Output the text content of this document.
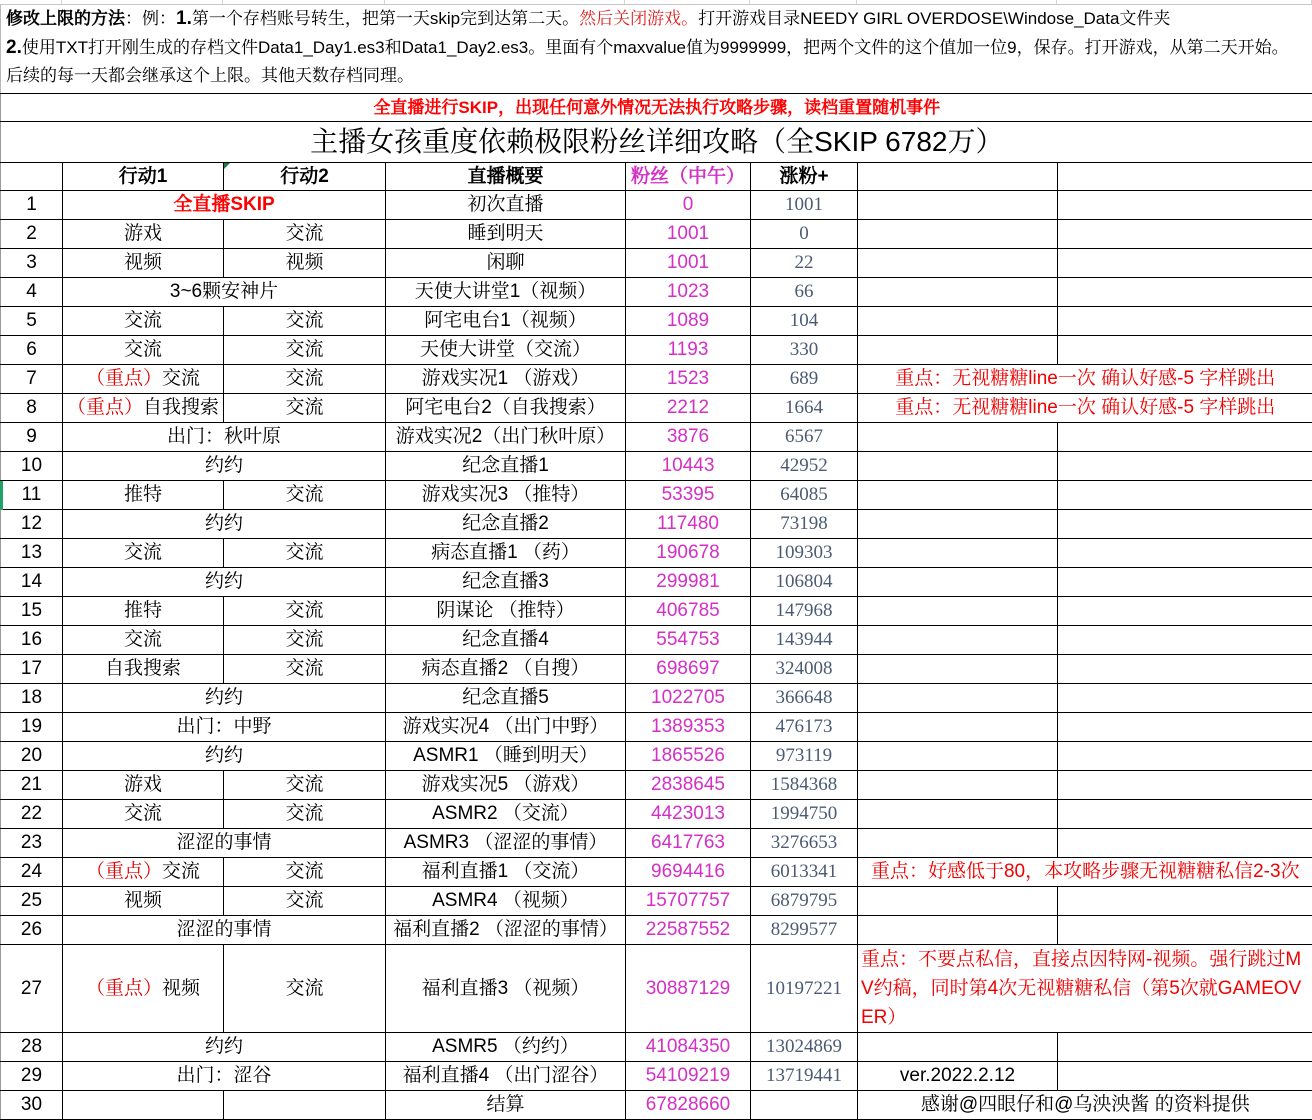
修改上限的方法：例：1.第一个存档账号转生，把第一天skip完到达第二天。然后关闭游戏。打开游戏目录NEEDY GIRL OVERDOSE\Windose_Data文件夹
2.使用TXT打开刚生成的存档文件Data1_Day1.es3和Data1_Day2.es3。里面有个maxvalue值为9999999，把两个文件的这个值加一位9，保存。打开游戏，从第二天开始。
后续的每一天都会继承这个上限。其他天数存档同理。
全直播进行SKIP，出现任何意外情况无法执行攻略步骤，读档重置随机事件							
主播女孩重度依赖极限粉丝详细攻略（全SKIP 6782万）							
	行动1	行动2	直播概要	粉丝（中午）	涨粉+		
1	全直播SKIP		初次直播	0	1001		
2	游戏	交流	睡到明天	1001	0		
3	视频	视频	闲聊	1001	22		
4	3~6颗安神片		天使大讲堂1（视频）	1023	66		
5	交流	交流	阿宅电台1（视频）	1089	104		
6	交流	交流	天使大讲堂（交流）	1193	330		
7	（重点）交流	交流	游戏实况1 （游戏）	1523	689	重点：无视糖糖line一次 确认好感-5 字样跳出	
8	（重点）自我搜索	交流	阿宅电台2（自我搜索）	2212	1664	重点：无视糖糖line一次 确认好感-5 字样跳出	
9	出门：秋叶原		游戏实况2（出门秋叶原）	3876	6567		
10	约约		纪念直播1	10443	42952		
11	推特	交流	游戏实况3 （推特）	53395	64085		
12	约约		纪念直播2	117480	73198		
13	交流	交流	病态直播1 （药）	190678	109303		
14	约约		纪念直播3	299981	106804		
15	推特	交流	阴谋论 （推特）	406785	147968		
16	交流	交流	纪念直播4	554753	143944		
17	自我搜索	交流	病态直播2 （自搜）	698697	324008		
18	约约		纪念直播5	1022705	366648		
19	出门：中野		游戏实况4 （出门中野）	1389353	476173		
20	约约		ASMR1 （睡到明天）	1865526	973119		
21	游戏	交流	游戏实况5 （游戏）	2838645	1584368		
22	交流	交流	ASMR2 （交流）	4423013	1994750		
23	涩涩的事情		ASMR3 （涩涩的事情）	6417763	3276653		
24	（重点）交流	交流	福利直播1 （交流）	9694416	6013341	重点：好感低于80，本攻略步骤无视糖糖私信2-3次	
25	视频	交流	ASMR4 （视频）	15707757	6879795		
26	涩涩的事情		福利直播2 （涩涩的事情）	22587552	8299577		
27	（重点）视频	交流	福利直播3 （视频）	30887129	10197221	重点：不要点私信，直接点因特网-视频。强行跳过MV约稿，同时第4次无视糖糖私信（第5次就GAMEOVER）	
28	约约		ASMR5 （约约）	41084350	13024869		
29	出门：涩谷		福利直播4 （出门涩谷）	54109219	13719441	ver.2022.2.12	
30			结算	67828660		感谢@四眼仔和@乌泱泱酱 的资料提供	
